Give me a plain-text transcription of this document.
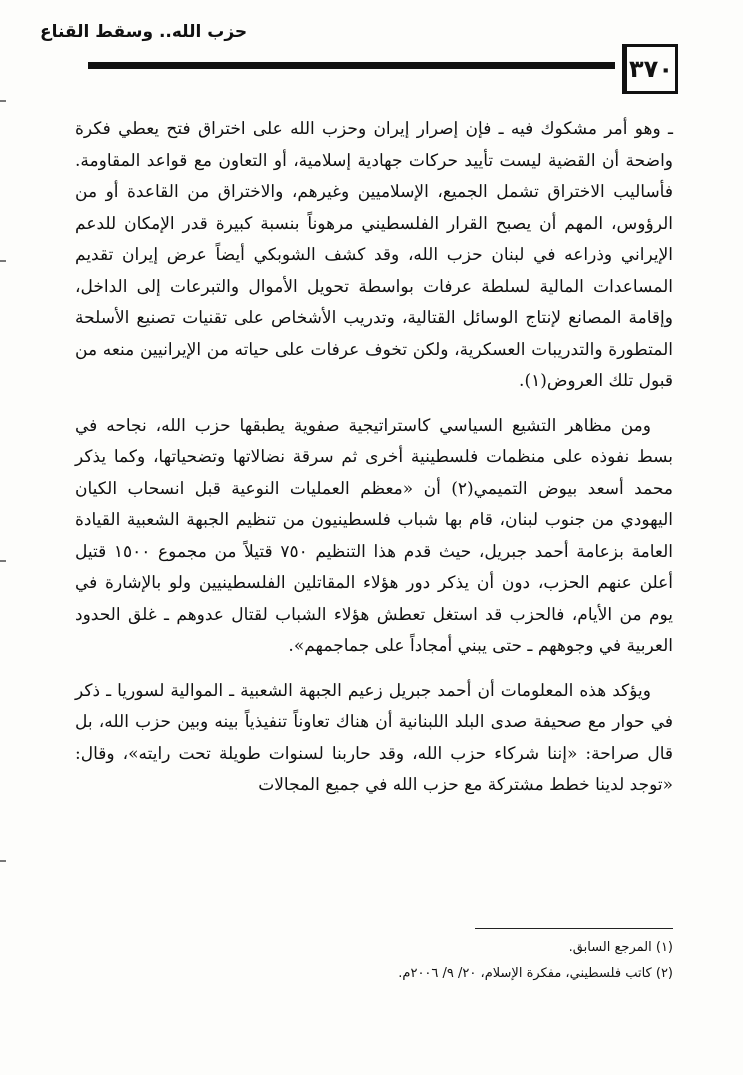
حزب الله.. وسقط القناع
٣٧٠

ـ وهو أمر مشكوك فيه ـ فإن إصرار إيران وحزب الله على اختراق فتح يعطي فكرة واضحة أن القضية ليست تأييد حركات جهادية إسلامية، أو التعاون مع قواعد المقاومة. فأساليب الاختراق تشمل الجميع، الإسلاميين وغيرهم، والاختراق من القاعدة أو من الرؤوس، المهم أن يصبح القرار الفلسطيني مرهوناً بنسبة كبيرة قدر الإمكان للدعم الإيراني وذراعه في لبنان حزب الله، وقد كشف الشوبكي أيضاً عرض إيران تقديم المساعدات المالية لسلطة عرفات بواسطة تحويل الأموال والتبرعات إلى الداخل، وإقامة المصانع لإنتاج الوسائل القتالية، وتدريب الأشخاص على تقنيات تصنيع الأسلحة المتطورة والتدريبات العسكرية، ولكن تخوف عرفات على حياته من الإيرانيين منعه من قبول تلك العروض(١).

ومن مظاهر التشيع السياسي كاستراتيجية صفوية يطبقها حزب الله، نجاحه في بسط نفوذه على منظمات فلسطينية أخرى ثم سرقة نضالاتها وتضحياتها، وكما يذكر محمد أسعد بيوض التميمي(٢) أن «معظم العمليات النوعية قبل انسحاب الكيان اليهودي من جنوب لبنان، قام بها شباب فلسطينيون من تنظيم الجبهة الشعبية القيادة العامة بزعامة أحمد جبريل، حيث قدم هذا التنظيم ٧٥٠ قتيلاً من مجموع ١٥٠٠ قتيل أعلن عنهم الحزب، دون أن يذكر دور هؤلاء المقاتلين الفلسطينيين ولو بالإشارة في يوم من الأيام، فالحزب قد استغل تعطش هؤلاء الشباب لقتال عدوهم ـ غلق الحدود العربية في وجوههم ـ حتى يبني أمجاداً على جماجمهم».

ويؤكد هذه المعلومات أن أحمد جبريل زعيم الجبهة الشعبية ـ الموالية لسوريا ـ ذكر في حوار مع صحيفة صدى البلد اللبنانية أن هناك تعاوناً تنفيذياً بينه وبين حزب الله، بل قال صراحة: «إننا شركاء حزب الله، وقد حاربنا لسنوات طويلة تحت رايته»، وقال: «توجد لدينا خطط مشتركة مع حزب الله في جميع المجالات

(١) المرجع السابق.
(٢) كاتب فلسطيني، مفكرة الإسلام، ٢٠/ ٩/ ٢٠٠٦م.
